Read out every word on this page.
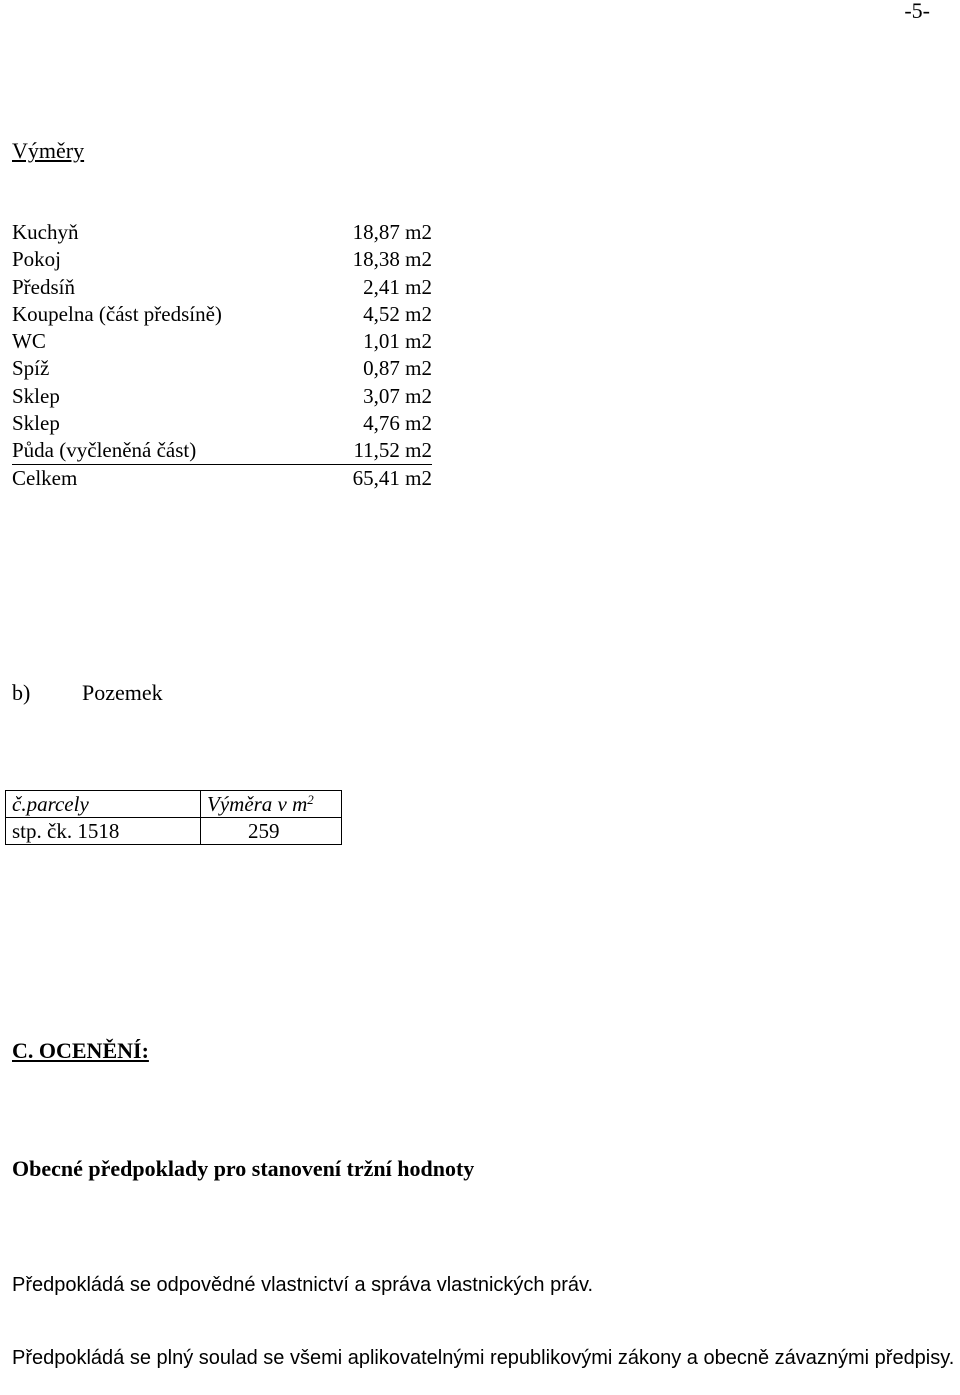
-5-
Výměry
Kuchyň	18,87 m2
Pokoj	18,38 m2
Předsíň	2,41 m2
Koupelna (část předsíně)	4,52 m2
WC	1,01 m2
Spíž	0,87 m2
Sklep	3,07 m2
Sklep	4,76 m2
Půda (vyčleněná část)	11,52 m2
Celkem	65,41 m2
b) Pozemek
č.parcely	Výměra v $m^2$
stp. čk. 1518	259
C. OCENĚNÍ:
Obecné předpoklady pro stanovení tržní hodnoty
Předpokládá se odpovědné vlastnictví a správa vlastnických práv.
Předpokládá se plný soulad se všemi aplikovatelnými republikovými zákony a obecně závaznými předpisy.
